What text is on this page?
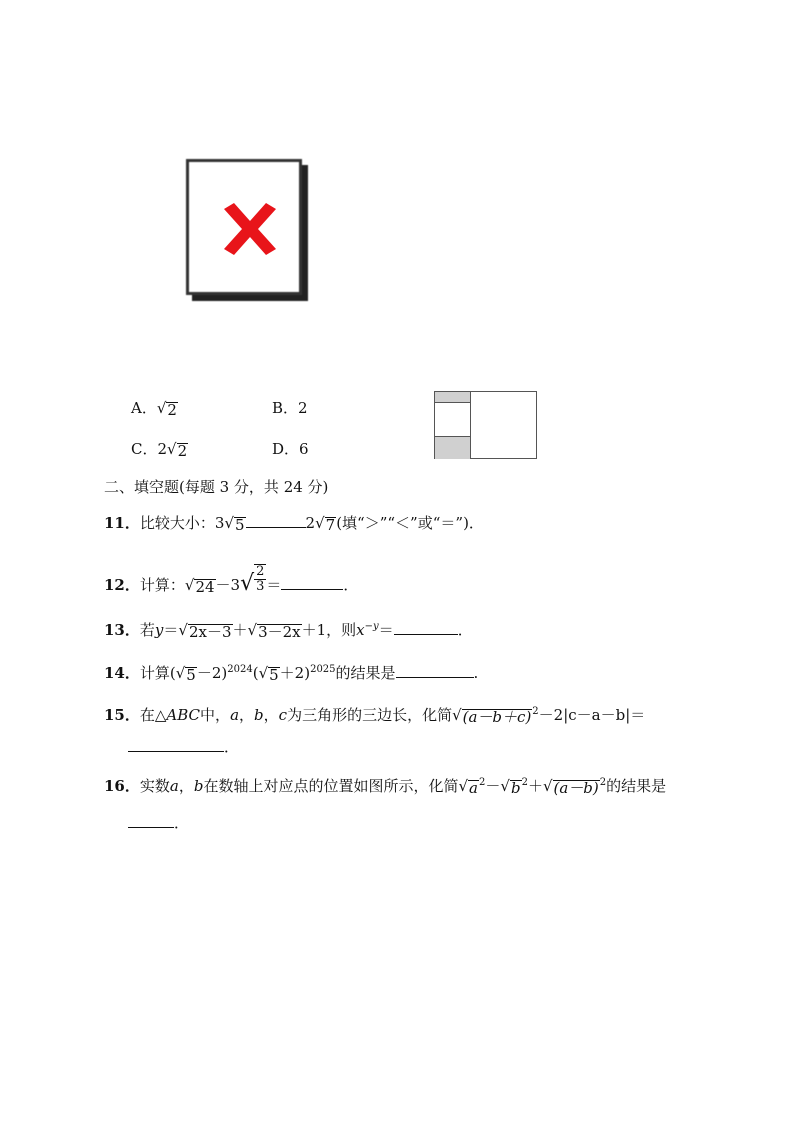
A． √ 2	B．2
C．2 √ 2	D．6
二、填空题(每题 3 分，共 24 分)
11．比较大小：3 √ 5	2 √ 7 (填“＞”“＜”或“＝”)．
12．计算： √ 24 －3 √ $\frac{2}{3}$ ＝	．
13．若y＝ √ 2x－3 ＋ √ 3－2x ＋1，则$x^{-y}=$	．
14．计算( √ 5 －2)$^{2024}$( √ 5 ＋2)$^{2025}$的结果是	.
15．在△ABC中，a，b，c为三角形的三边长，化简 √ (a－b＋c) $^2$－2|c－a－b|＝
．
16．实数a，b在数轴上对应点的位置如图所示，化简 √ a $^2$－ √ b $^2$＋ √ (a－b) $^2$的结果是
．
